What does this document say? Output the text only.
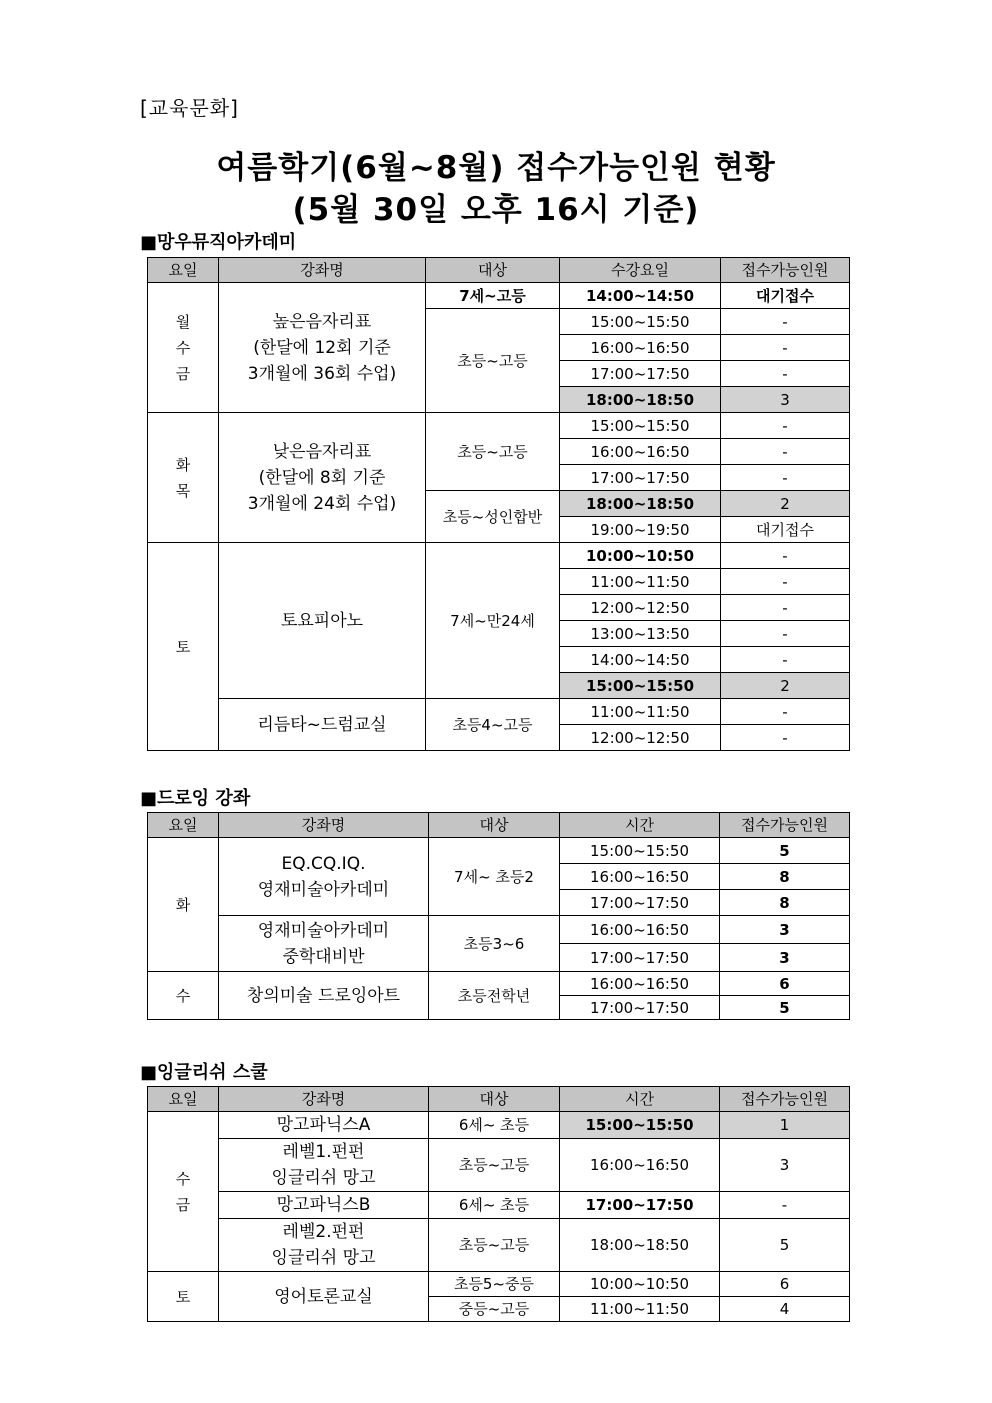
[교육문화]
여름학기(6월~8월) 접수가능인원 현황
(5월 30일 오후 16시 기준)
■망우뮤직아카데미
요일	강좌명	대상	수강요일	접수가능인원

월
수
금	높은음자리표
(한달에 12회 기준
3개월에 36회 수업)	7세~고등	14:00~14:50	대기접수
		초등~고등	15:00~15:50	-
			16:00~16:50	-
			17:00~17:50	-
			18:00~18:50	3

화
목	낮은음자리표
(한달에 8회 기준
3개월에 24회 수업)	초등~고등	15:00~15:50	-
			16:00~16:50	-
			17:00~17:50	-
		초등~성인합반	18:00~18:50	2
			19:00~19:50	대기접수

토	토요피아노	7세~만24세	10:00~10:50	-
			11:00~11:50	-
			12:00~12:50	-
			13:00~13:50	-
			14:00~14:50	-
			15:00~15:50	2

	리듬타~드럼교실	초등4~고등	11:00~11:50	-
			12:00~12:50	-
■드로잉 강좌
요일	강좌명	대상	시간	접수가능인원

화	EQ.CQ.IQ.
영재미술아카데미	7세~ 초등2	15:00~15:50	5
			16:00~16:50	8
			17:00~17:50	8

	영재미술아카데미
중학대비반	초등3~6	16:00~16:50	3
			17:00~17:50	3

수	창의미술 드로잉아트	초등전학년	16:00~16:50	6
			17:00~17:50	5
■잉글리쉬 스쿨
요일	강좌명	대상	시간	접수가능인원

수
금	망고파닉스A	6세~ 초등	15:00~15:50	1

	레벨1.펀펀
잉글리쉬 망고	초등~고등	16:00~16:50	3

	망고파닉스B	6세~ 초등	17:00~17:50	-

	레벨2.펀펀
잉글리쉬 망고	초등~고등	18:00~18:50	5

토	영어토론교실	초등5~중등	10:00~10:50	6
		중등~고등	11:00~11:50	4
